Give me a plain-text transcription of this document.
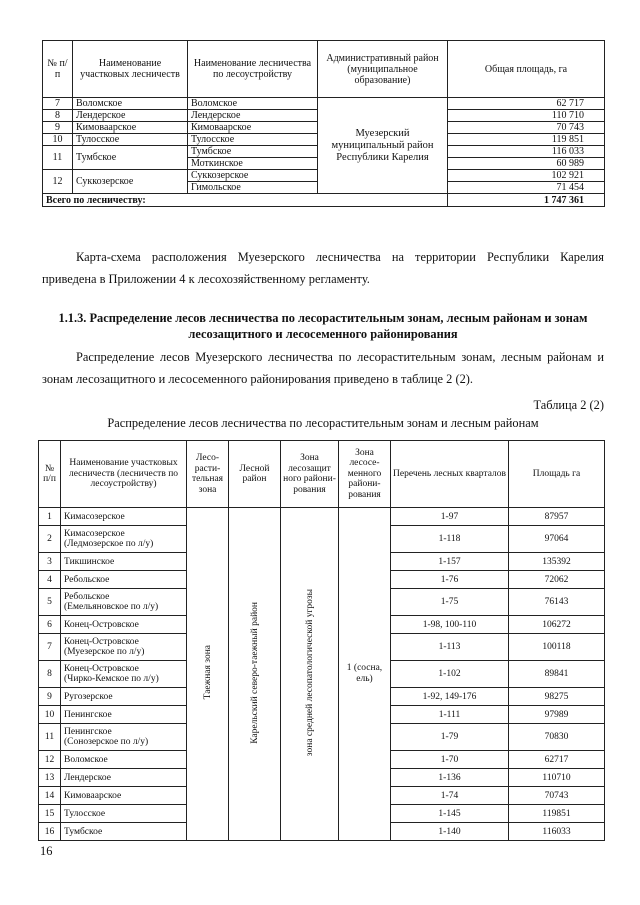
№ п/п	Наименование участковых лесничеств	Наименование лесничества по лесоустройству	Административный район (муниципальное образование)	Общая площадь, га
7	Воломское	Воломское	Муезерский муниципальный район Республики Карелия	62 717
8	Лендерское	Лендерское		110 710
9	Кимоваарское	Кимоваарское		70 743
10	Тулосское	Тулосское		119 851
11	Тумбское	Тумбское		116 033
		Моткинское		60 989
12	Суккозерское	Суккозерское		102 921
		Гимольское		71 454
Всего по лесничеству:				1 747 361

Карта-схема расположения Муезерского лесничества на территории Республики Карелия приведена в Приложении 4 к лесохозяйственному регламенту.

1.1.3. Распределение лесов лесничества по лесорастительным зонам, лесным районам и зонам лесозащитного и лесосеменного районирования

Распределение лесов Муезерского лесничества по лесорастительным зонам, лесным районам и зонам лесозащитного и лесосеменного районирования приведено в таблице 2 (2).

Таблица 2 (2)

Распределение лесов лесничества по лесорастительным зонам и лесным районам

№ п/п	Наименование участковых лесничеств (лесничеств по лесоустройству)	Лесо-расти-тельная зона	Лесной район	Зона лесозащит ного райони-рования	Зона лесосе-менного райони-рования	Перечень лесных кварталов	Площадь га
1	Кимасозерское	Таежная зона	Карельский северо-таежный район	зона средней лесопатологической угрозы	1 (сосна, ель)	1-97	87957
2	Кимасозерское
(Ледмозерское по л/у)					1-118	97064
3	Тикшинское					1-157	135392
4	Ребольское					1-76	72062
5	Ребольское
(Емельяновское по л/у)					1-75	76143
6	Конец-Островское					1-98, 100-110	106272
7	Конец-Островское
(Муезерское по л/у)					1-113	100118
8	Конец-Островское
(Чирко-Кемское по л/у)					1-102	89841
9	Ругозерское					1-92, 149-176	98275
10	Пенингское					1-111	97989
11	Пенингское
(Сонозерское по л/у)					1-79	70830
12	Воломское					1-70	62717
13	Лендерское					1-136	110710
14	Кимоваарское					1-74	70743
15	Тулосское					1-145	119851
16	Тумбское					1-140	116033

16
